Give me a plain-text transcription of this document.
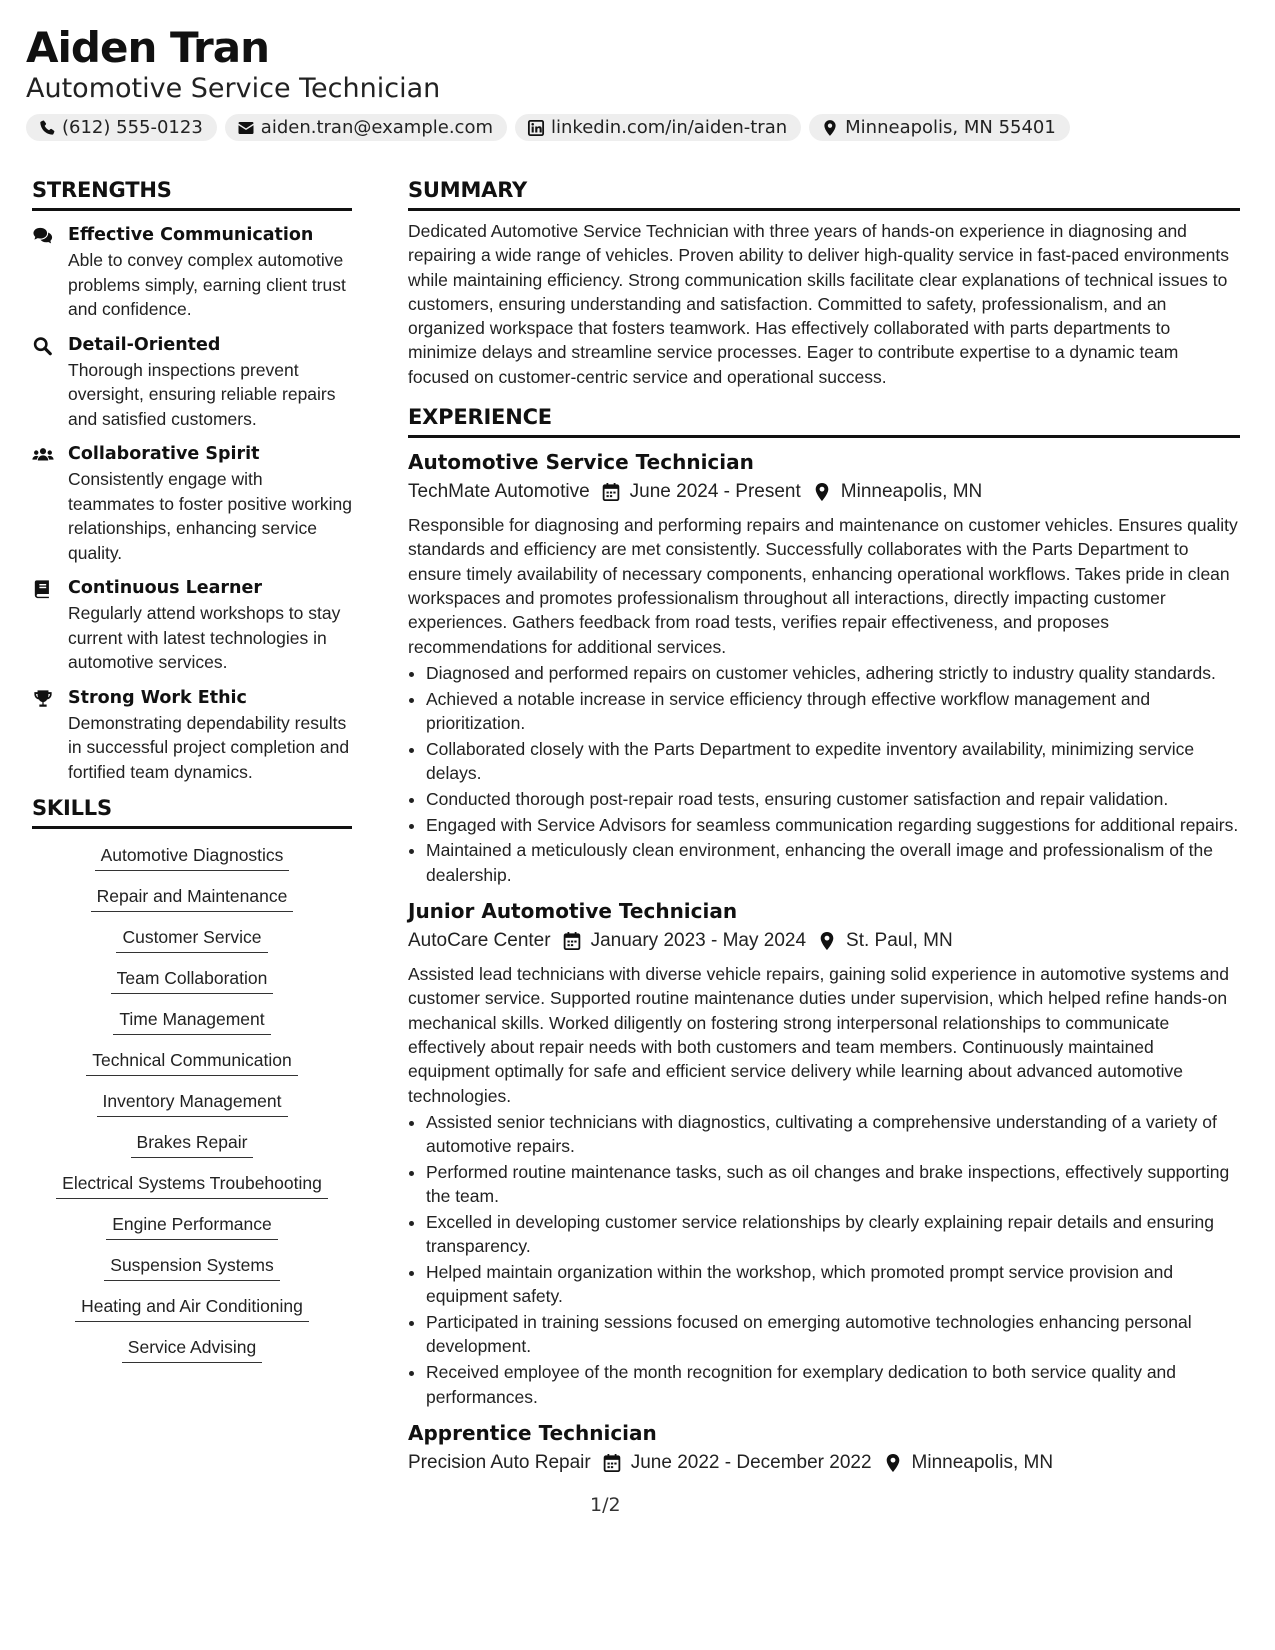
Aiden Tran
Automotive Service Technician
(612) 555-0123	aiden.tran@example.com	linkedin.com/in/aiden-tran	Minneapolis, MN 55401
STRENGTHS
Effective Communication
Able to convey complex automotive problems simply, earning client trust and confidence.
Detail-Oriented
Thorough inspections prevent oversight, ensuring reliable repairs and satisfied customers.
Collaborative Spirit
Consistently engage with teammates to foster positive working relationships, enhancing service quality.
Continuous Learner
Regularly attend workshops to stay current with latest technologies in automotive services.
Strong Work Ethic
Demonstrating dependability results in successful project completion and fortified team dynamics.
SKILLS
Automotive Diagnostics
Repair and Maintenance
Customer Service
Team Collaboration
Time Management
Technical Communication
Inventory Management
Brakes Repair
Electrical Systems Troubehooting
Engine Performance
Suspension Systems
Heating and Air Conditioning
Service Advising
SUMMARY

Dedicated Automotive Service Technician with three years of hands-on experience in diagnosing and repairing a wide range of vehicles. Proven ability to deliver high-quality service in fast-paced environments while maintaining efficiency. Strong communication skills facilitate clear explanations of technical issues to customers, ensuring understanding and satisfaction. Committed to safety, professionalism, and an organized workspace that fosters teamwork. Has effectively collaborated with parts departments to minimize delays and streamline service processes. Eager to contribute expertise to a dynamic team focused on customer-centric service and operational success.

EXPERIENCE
Automotive Service Technician
TechMate Automotive June 2024 - Present Minneapolis, MN

Responsible for diagnosing and performing repairs and maintenance on customer vehicles. Ensures quality standards and efficiency are met consistently. Successfully collaborates with the Parts Department to ensure timely availability of necessary components, enhancing operational workflows. Takes pride in clean workspaces and promotes professionalism throughout all interactions, directly impacting customer experiences. Gathers feedback from road tests, verifies repair effectiveness, and proposes recommendations for additional services.

• Diagnosed and performed repairs on customer vehicles, adhering strictly to industry quality standards.
• Achieved a notable increase in service efficiency through effective workflow management and prioritization.
• Collaborated closely with the Parts Department to expedite inventory availability, minimizing service delays.
• Conducted thorough post-repair road tests, ensuring customer satisfaction and repair validation.
• Engaged with Service Advisors for seamless communication regarding suggestions for additional repairs.
• Maintained a meticulously clean environment, enhancing the overall image and professionalism of the dealership.
Junior Automotive Technician
AutoCare Center January 2023 - May 2024 St. Paul, MN

Assisted lead technicians with diverse vehicle repairs, gaining solid experience in automotive systems and customer service. Supported routine maintenance duties under supervision, which helped refine hands-on mechanical skills. Worked diligently on fostering strong interpersonal relationships to communicate effectively about repair needs with both customers and team members. Continuously maintained equipment optimally for safe and efficient service delivery while learning about advanced automotive technologies.

• Assisted senior technicians with diagnostics, cultivating a comprehensive understanding of a variety of automotive repairs.
• Performed routine maintenance tasks, such as oil changes and brake inspections, effectively supporting the team.
• Excelled in developing customer service relationships by clearly explaining repair details and ensuring transparency.
• Helped maintain organization within the workshop, which promoted prompt service provision and equipment safety.
• Participated in training sessions focused on emerging automotive technologies enhancing personal development.
• Received employee of the month recognition for exemplary dedication to both service quality and performances.
Apprentice Technician
Precision Auto Repair June 2022 - December 2022 Minneapolis, MN
1/2
